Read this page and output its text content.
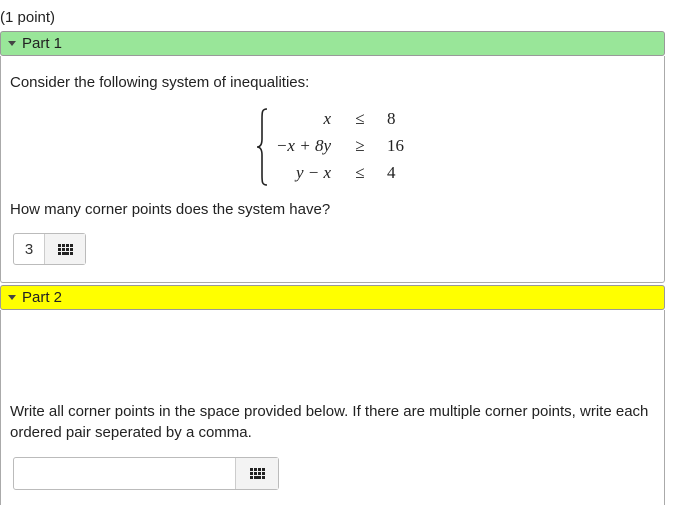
(1 point)
Part 1
Consider the following system of inequalities:
x	≤	8
−x + 8y	≥	16
y − x	≤	4
How many corner points does the system have?
3
Part 2
Write all corner points in the space provided below. If there are multiple corner points, write each ordered pair seperated by a comma.
